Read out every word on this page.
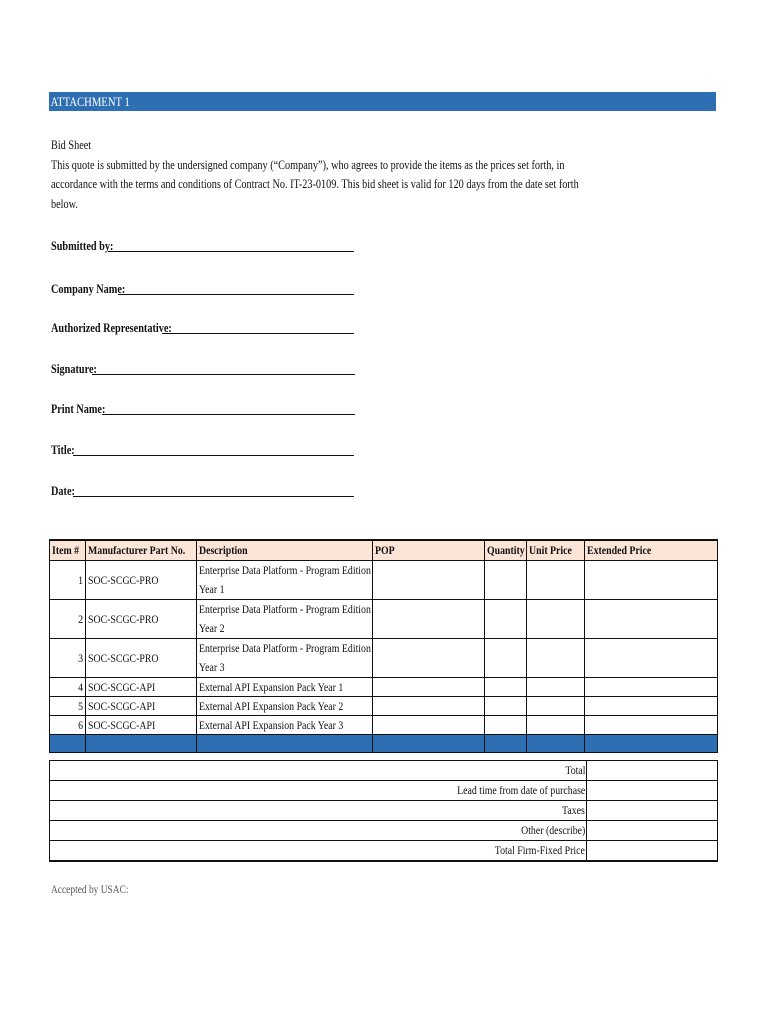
ATTACHMENT 1
Bid Sheet
This quote is submitted by the undersigned company (“Company”), who agrees to provide the items as the prices set forth, in
accordance with the terms and conditions of Contract No. IT-23-0109. This bid sheet is valid for 120 days from the date set forth
below.
Submitted by:
Company Name:
Authorized Representative:
Signature:
Print Name:
Title:
Date:
Item #	Manufacturer Part No.	Description	POP	Quantity	Unit Price	Extended Price
1	SOC-SCGC-PRO	Enterprise Data Platform - Program Edition Year 1				
2	SOC-SCGC-PRO	Enterprise Data Platform - Program Edition Year 2				
3	SOC-SCGC-PRO	Enterprise Data Platform - Program Edition Year 3				
4	SOC-SCGC-API	External API Expansion Pack Year 1				
5	SOC-SCGC-API	External API Expansion Pack Year 2				
6	SOC-SCGC-API	External API Expansion Pack Year 3				

Total	
Lead time from date of purchase	
Taxes	
Other (describe)	
Total Firm-Fixed Price	
Accepted by USAC:
